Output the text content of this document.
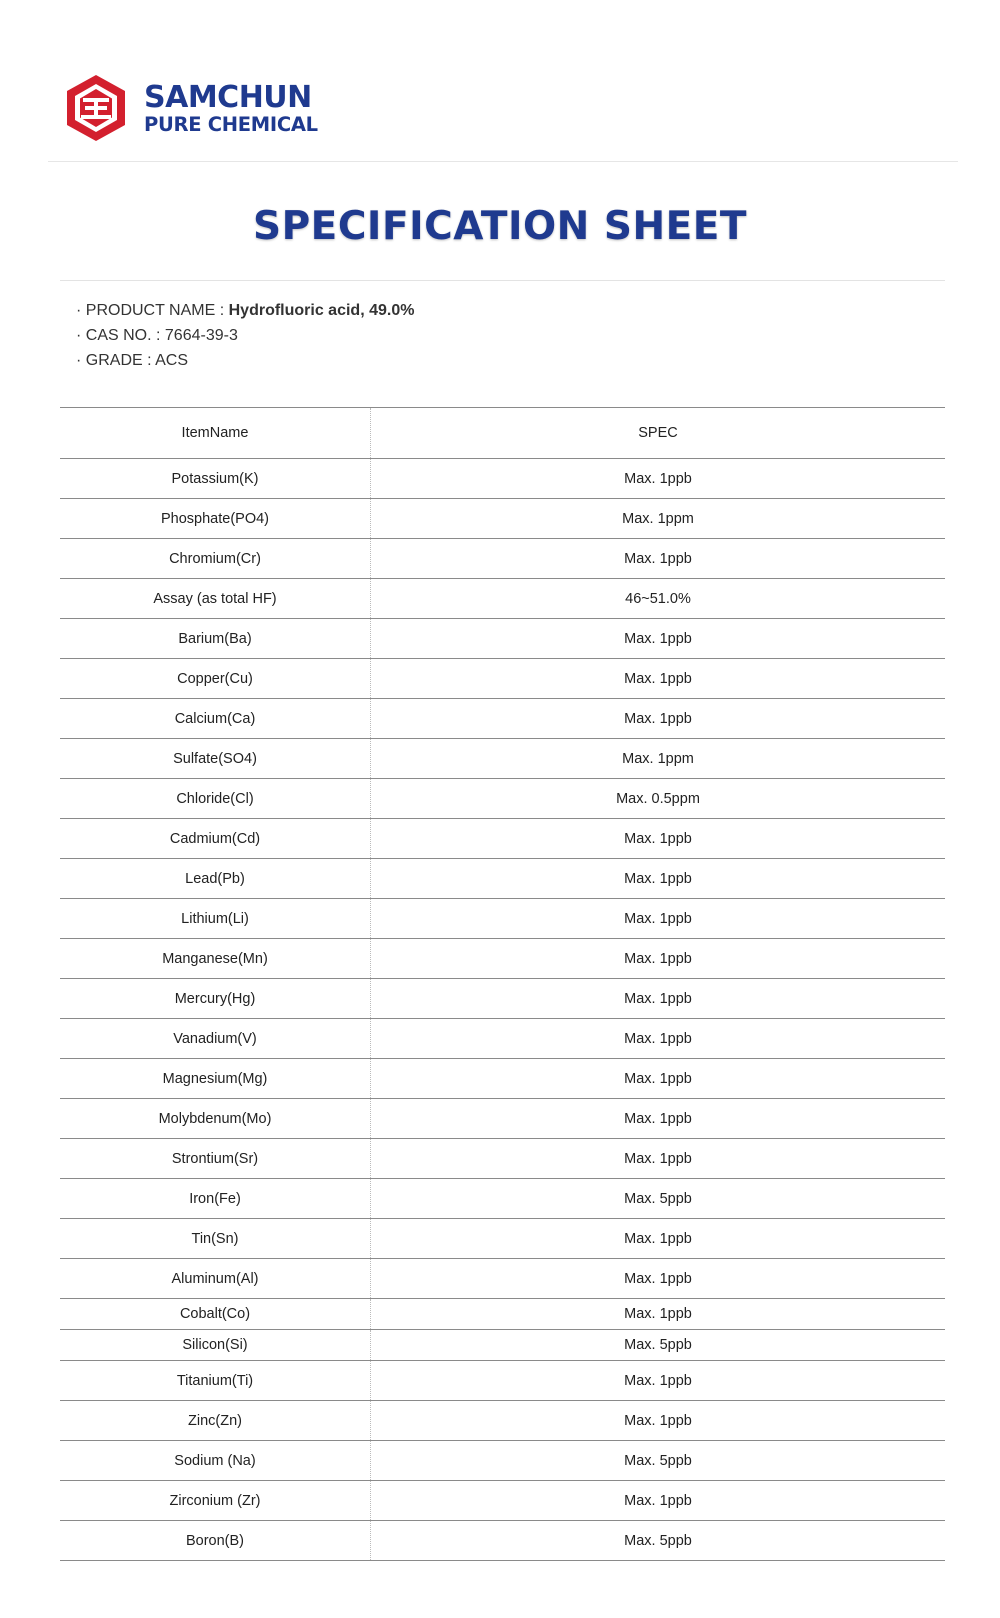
SAMCHUN
PURE CHEMICAL
SPECIFICATION SHEET
· PRODUCT NAME : Hydrofluoric acid, 49.0%
· CAS NO. : 7664-39-3
· GRADE : ACS
ItemName	SPEC
Potassium(K)	Max. 1ppb
Phosphate(PO4)	Max. 1ppm
Chromium(Cr)	Max. 1ppb
Assay (as total HF)	46~51.0%
Barium(Ba)	Max. 1ppb
Copper(Cu)	Max. 1ppb
Calcium(Ca)	Max. 1ppb
Sulfate(SO4)	Max. 1ppm
Chloride(Cl)	Max. 0.5ppm
Cadmium(Cd)	Max. 1ppb
Lead(Pb)	Max. 1ppb
Lithium(Li)	Max. 1ppb
Manganese(Mn)	Max. 1ppb
Mercury(Hg)	Max. 1ppb
Vanadium(V)	Max. 1ppb
Magnesium(Mg)	Max. 1ppb
Molybdenum(Mo)	Max. 1ppb
Strontium(Sr)	Max. 1ppb
Iron(Fe)	Max. 5ppb
Tin(Sn)	Max. 1ppb
Aluminum(Al)	Max. 1ppb
Cobalt(Co)	Max. 1ppb
Silicon(Si)	Max. 5ppb
Titanium(Ti)	Max. 1ppb
Zinc(Zn)	Max. 1ppb
Sodium (Na)	Max. 5ppb
Zirconium (Zr)	Max. 1ppb
Boron(B)	Max. 5ppb
